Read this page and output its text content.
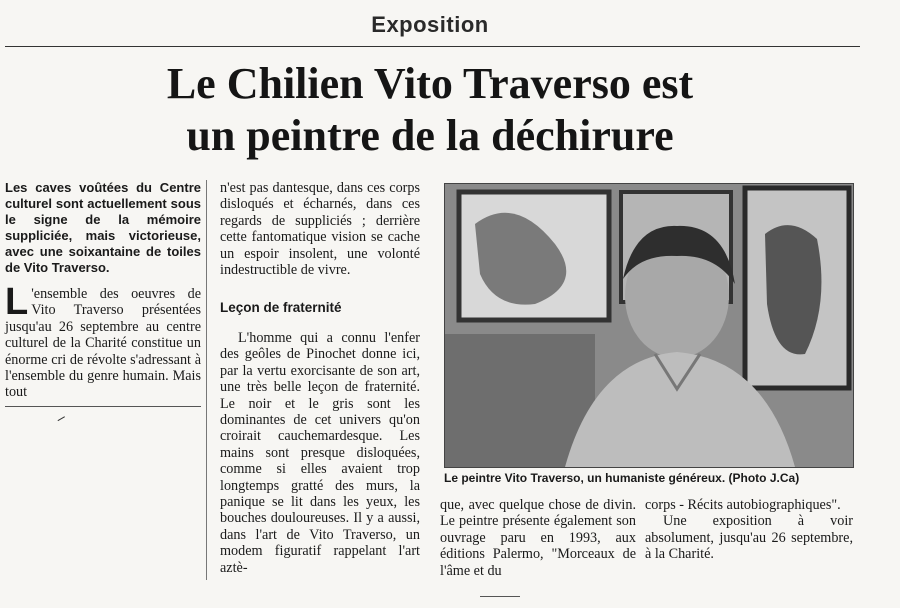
Exposition
Le Chilien Vito Traverso est
un peintre de la déchirure
Les caves voûtées du Centre culturel sont actuellement sous le signe de la mémoire suppliciée, mais victorieuse, avec une soixantaine de toiles de Vito Traverso.

L 'ensemble des oeuvres de Vito Traverso présentées jusqu'au 26 septembre au centre culturel de la Charité constitue un énorme cri de révolte s'adressant à l'ensemble du genre humain. Mais tout

n'est pas dantesque, dans ces corps disloqués et écharnés, dans ces regards de suppliciés ; derrière cette fantomatique vision se cache un espoir insolent, une volonté indestructible de vivre.

Leçon de fraternité

L'homme qui a connu l'enfer des geôles de Pinochet donne ici, par la vertu exorcisante de son art, une très belle leçon de fraternité. Le noir et le gris sont les dominantes de cet univers qu'on croirait cauchemardesque. Les mains sont presque disloquées, comme si elles avaient trop longtemps gratté des murs, la panique se lit dans les yeux, les bouches douloureuses. Il y a aussi, dans l'art de Vito Traverso, un modem figuratif rappelant l'art aztè-

Le peintre Vito Traverso, un humaniste généreux. (Photo J.Ca)

que, avec quelque chose de divin. Le peintre présente également son ouvrage paru en 1993, aux éditions Palermo, "Morceaux de l'âme et du

corps - Récits autobiographiques".

Une exposition à voir absolument, jusqu'au 26 septembre, à la Charité.
